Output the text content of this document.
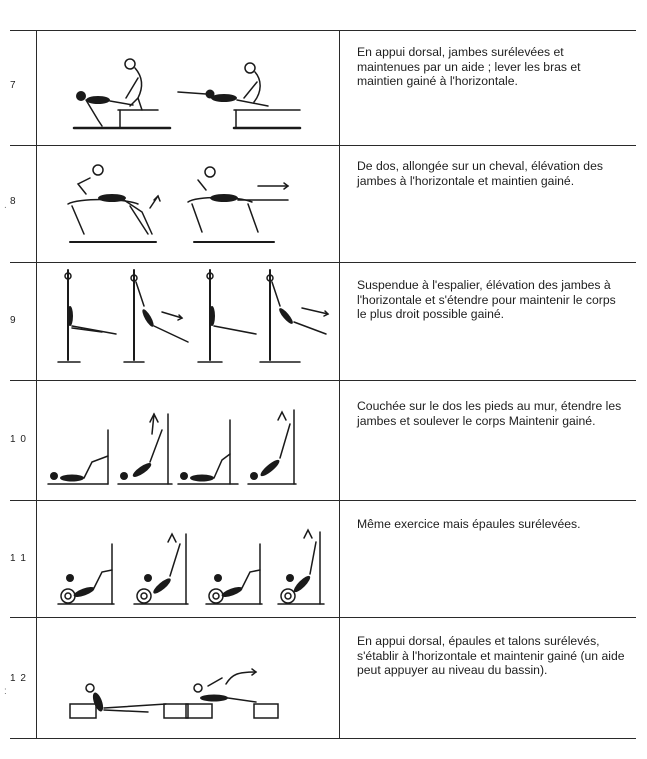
7
En appui dorsal, jambes surélevées et maintenues par un aide ; lever les bras et maintien gainé à l'horizontale.
8
De dos, allongée sur un cheval, élévation des jambes à l'horizontale et maintien gainé.
9
Suspendue à l'espalier, élévation des jambes à l'horizontale et s'étendre pour maintenir le corps le plus droit possible gainé.
1 0
Couchée sur le dos les pieds au mur, étendre les jambes et soulever le corps Maintenir gainé.
1 1
Même exercice mais épaules surélevées.
1 2
En appui dorsal, épaules et talons surélevés, s'établir à l'horizontale et maintenir gainé (un aide peut appuyer au niveau du bassin).
.
:
